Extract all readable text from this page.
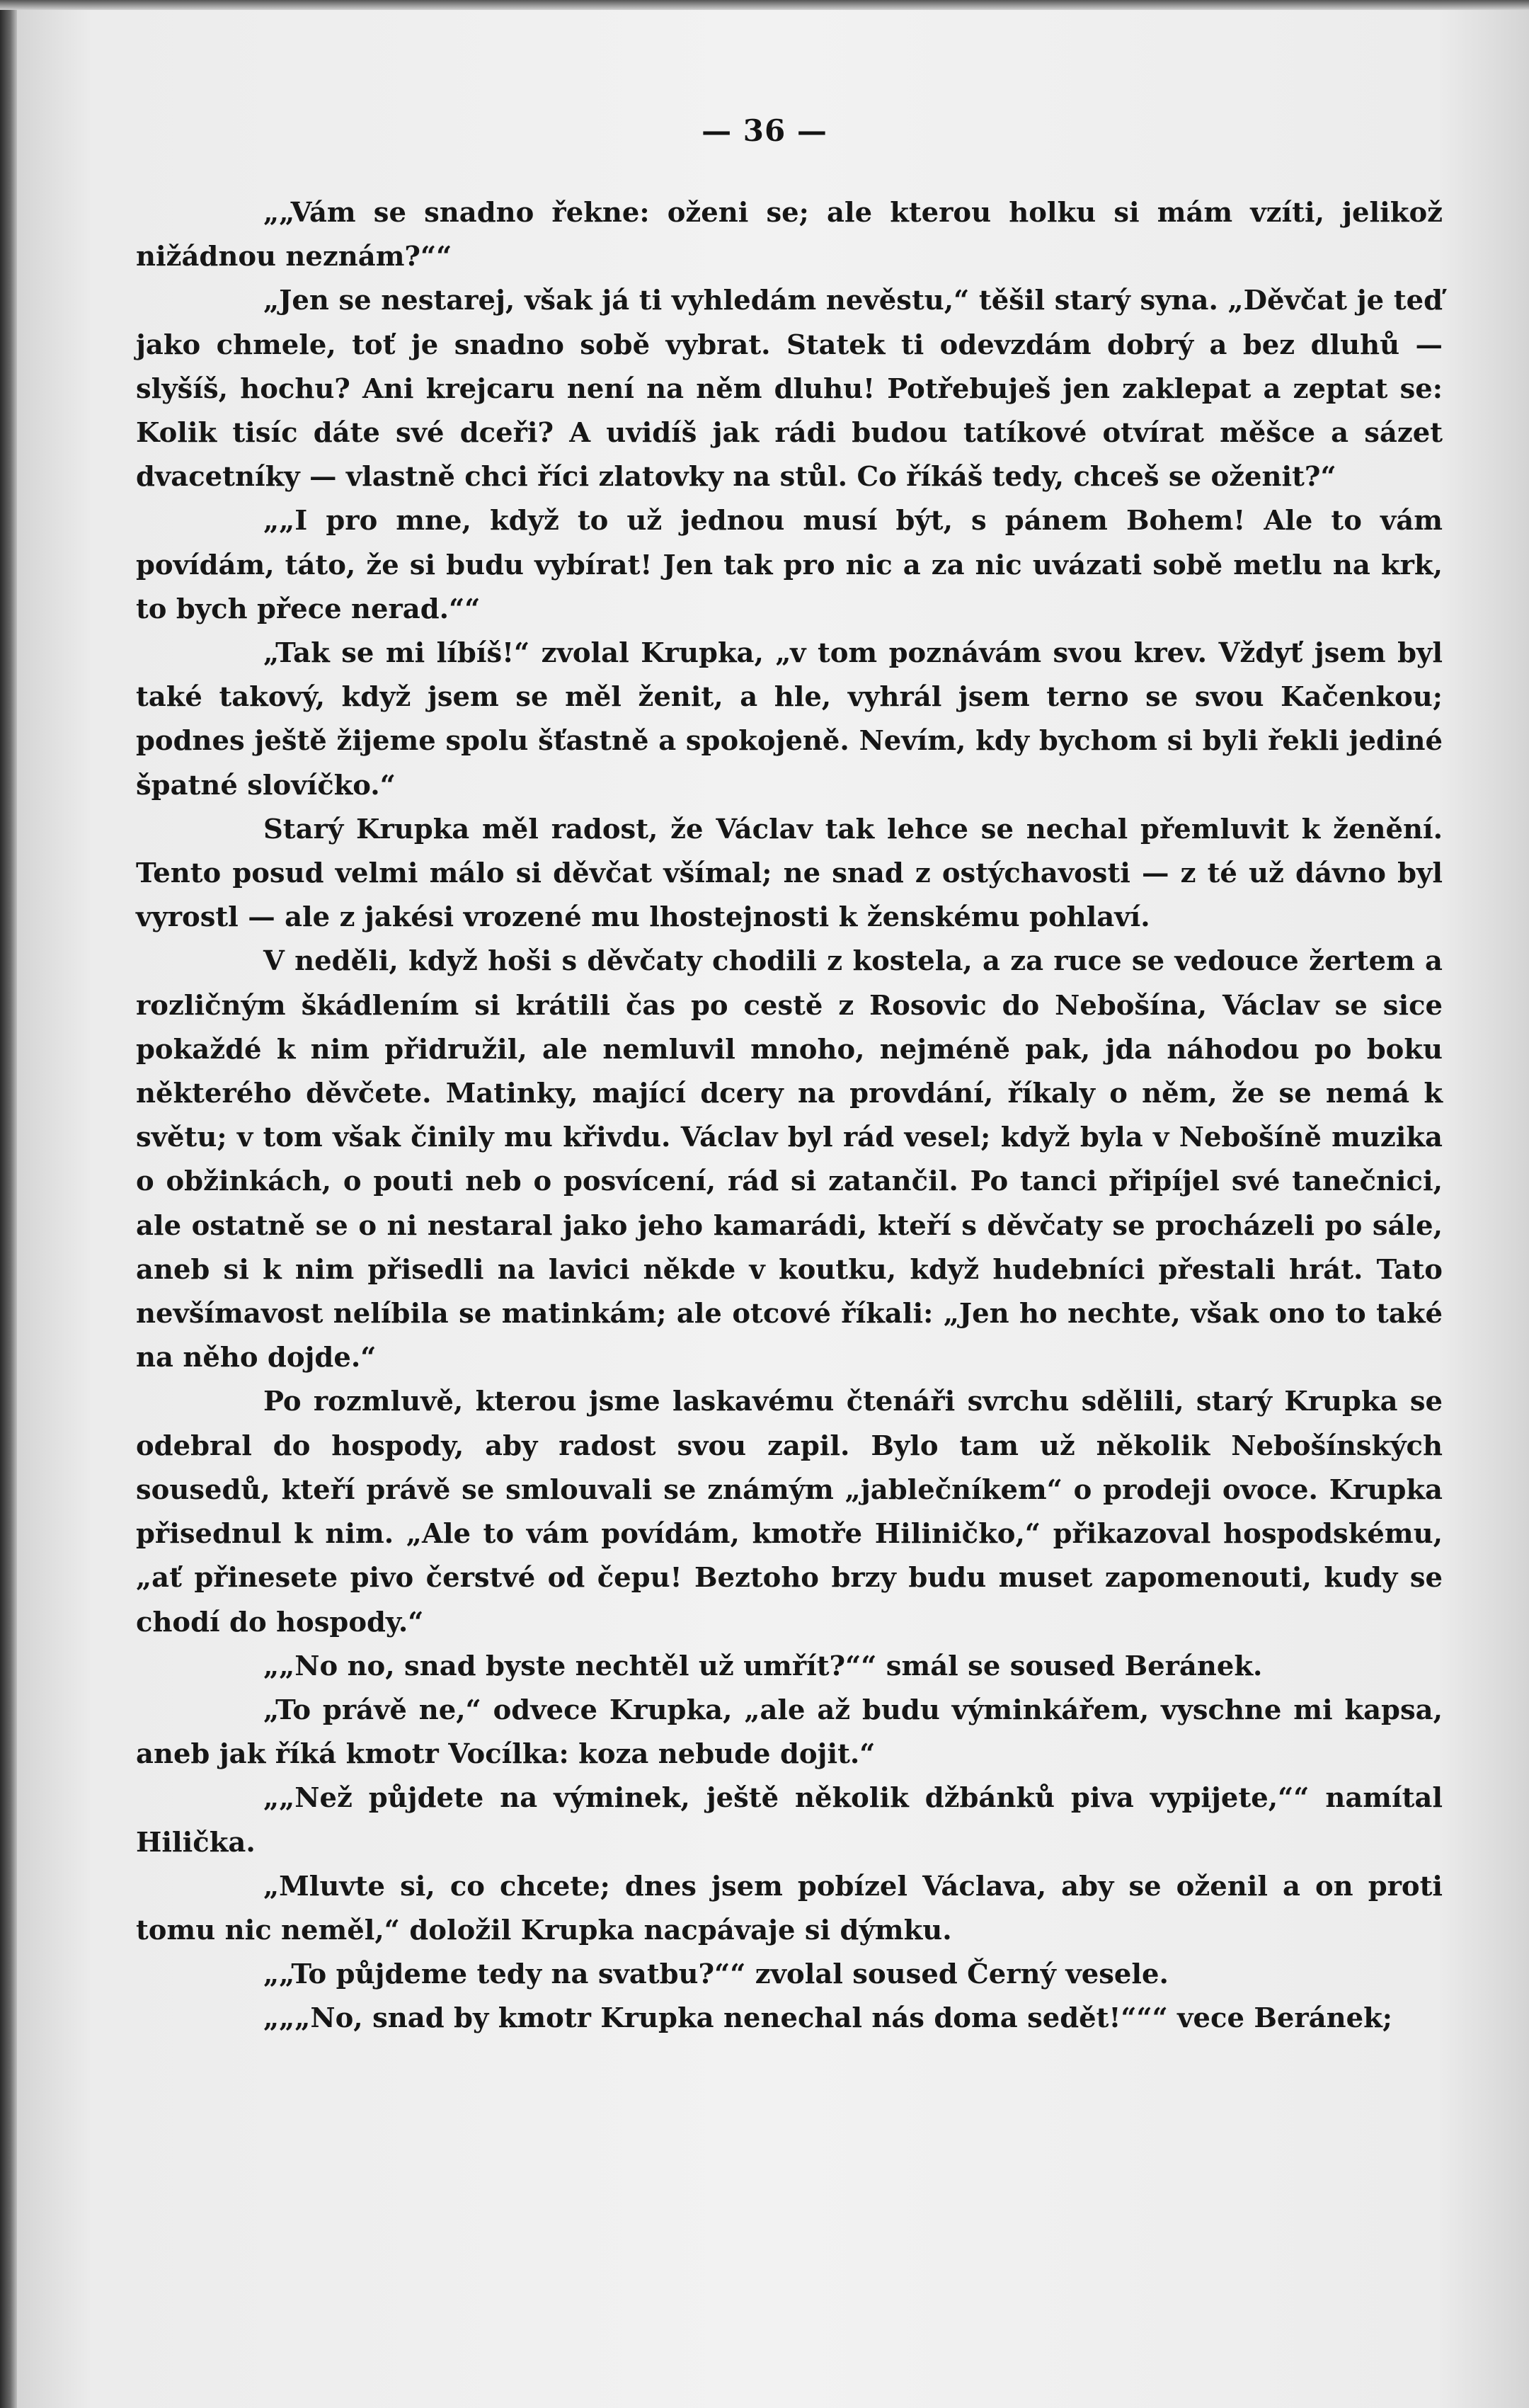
— 36 —

„„Vám se snadno řekne: oženi se; ale kterou holku si mám vzíti, jelikož nižádnou neznám?““

„Jen se nestarej, však já ti vyhledám nevěstu,“ těšil starý syna. „Děvčat je teď jako chmele, toť je snadno sobě vybrat. Statek ti odevzdám dobrý a bez dluhů — slyšíš, hochu? Ani krejcaru není na něm dluhu! Potřebuješ jen zaklepat a zeptat se: Kolik tisíc dáte své dceři? A uvidíš jak rádi budou tatíkové otvírat měšce a sázet dvacetníky — vlastně chci říci zlatovky na stůl. Co říkáš tedy, chceš se oženit?“

„„I pro mne, když to už jednou musí být, s pánem Bohem! Ale to vám povídám, táto, že si budu vybírat! Jen tak pro nic a za nic uvázati sobě metlu na krk, to bych přece nerad.““

„Tak se mi líbíš!“ zvolal Krupka, „v tom poznávám svou krev. Vždyť jsem byl také takový, když jsem se měl ženit, a hle, vyhrál jsem terno se svou Kačenkou; podnes ještě žijeme spolu šťastně a spokojeně. Nevím, kdy bychom si byli řekli jediné špatné slovíčko.“

Starý Krupka měl radost, že Václav tak lehce se nechal přemluvit k ženění. Tento posud velmi málo si děvčat všímal; ne snad z ostýchavosti — z té už dávno byl vyrostl — ale z jakési vrozené mu lhostejnosti k ženskému pohlaví.

V neděli, když hoši s děvčaty chodili z kostela, a za ruce se vedouce žertem a rozličným škádlením si krátili čas po cestě z Rosovic do Nebošína, Václav se sice pokaždé k nim přidružil, ale nemluvil mnoho, nejméně pak, jda náhodou po boku některého děvčete. Matinky, mající dcery na provdání, říkaly o něm, že se nemá k světu; v tom však činily mu křivdu. Václav byl rád vesel; když byla v Nebošíně muzika o obžinkách, o pouti neb o posvícení, rád si zatančil. Po tanci připíjel své tanečnici, ale ostatně se o ni nestaral jako jeho kamarádi, kteří s děvčaty se procházeli po sále, aneb si k nim přisedli na lavici někde v koutku, když hudebníci přestali hrát. Tato nevšímavost nelíbila se matinkám; ale otcové říkali: „Jen ho nechte, však ono to také na něho dojde.“

Po rozmluvě, kterou jsme laskavému čtenáři svrchu sdělili, starý Krupka se odebral do hospody, aby radost svou zapil. Bylo tam už několik Nebošínských sousedů, kteří právě se smlouvali se známým „jablečníkem“ o prodeji ovoce. Krupka přisednul k nim. „Ale to vám povídám, kmotře Hiliničko,“ přikazoval hospodskému, „ať přinesete pivo čerstvé od čepu! Beztoho brzy budu muset zapomenouti, kudy se chodí do hospody.“

„„No no, snad byste nechtěl už umřít?““ smál se soused Beránek.

„To právě ne,“ odvece Krupka, „ale až budu výminkářem, vyschne mi kapsa, aneb jak říká kmotr Vocílka: koza nebude dojit.“

„„Než půjdete na výminek, ještě několik džbánků piva vypijete,““ namítal Hilička.

„Mluvte si, co chcete; dnes jsem pobízel Václava, aby se oženil a on proti tomu nic neměl,“ doložil Krupka nacpávaje si dýmku.

„„To půjdeme tedy na svatbu?““ zvolal soused Černý vesele.

„„„No, snad by kmotr Krupka nenechal nás doma sedět!“““ vece Beránek;
